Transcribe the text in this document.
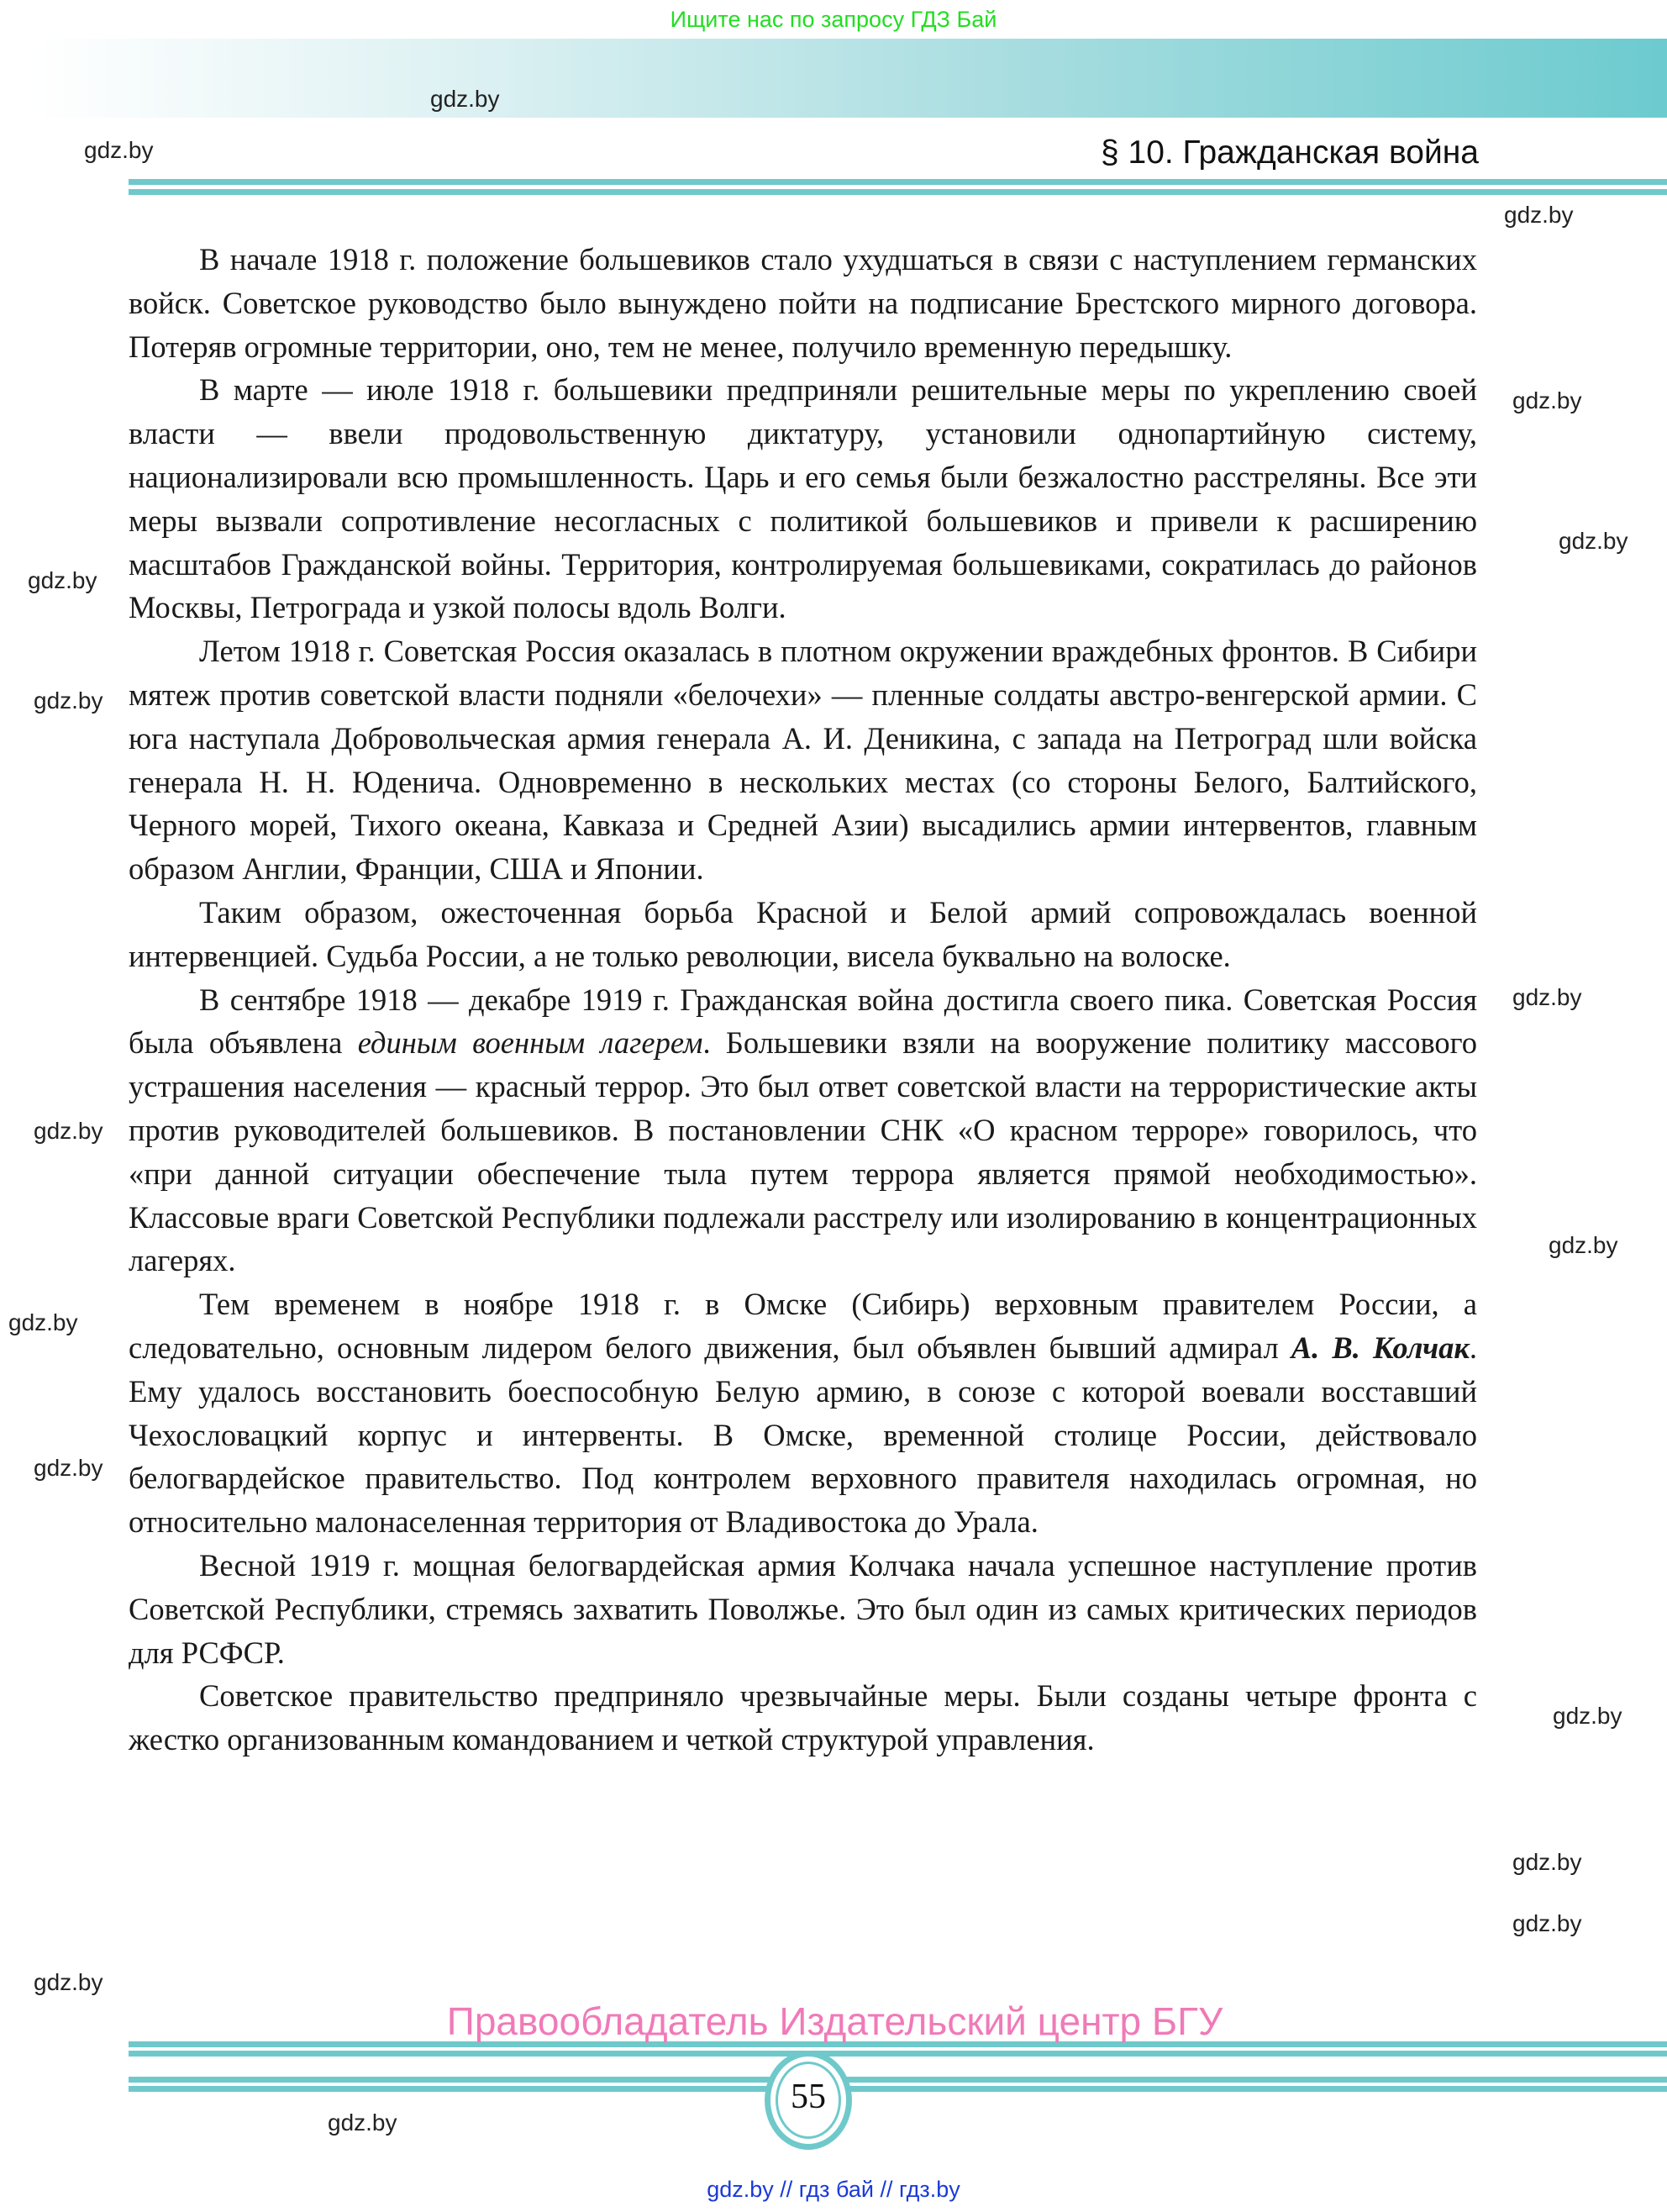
Ищите нас по запросу ГДЗ Бай
§ 10. Гражданская война

В начале 1918 г. положение большевиков стало ухудшаться в связи с наступлением германских войск. Советское руководство было вынуждено пойти на подписание Брестского мирного договора. Потеряв огромные территории, оно, тем не менее, получило временную передышку.

В марте — июле 1918 г. большевики предприняли решительные меры по укреплению своей власти — ввели продовольственную диктатуру, установили однопартийную систему, национализировали всю промышленность. Царь и его семья были безжалостно расстреляны. Все эти меры вызвали сопротивление несогласных с политикой большевиков и привели к расширению масштабов Гражданской войны. Территория, контролируемая большевиками, сократилась до районов Москвы, Петрограда и узкой полосы вдоль Волги.

Летом 1918 г. Советская Россия оказалась в плотном окружении враждебных фронтов. В Сибири мятеж против советской власти подняли «белочехи» — пленные солдаты австро-венгерской армии. С юга наступала Добровольческая армия генерала А. И. Деникина, с запада на Петроград шли войска генерала Н. Н. Юденича. Одновременно в нескольких местах (со стороны Белого, Балтийского, Черного морей, Тихого океана, Кавказа и Средней Азии) высадились армии интервентов, главным образом Англии, Франции, США и Японии.

Таким образом, ожесточенная борьба Красной и Белой армий сопровождалась военной интервенцией. Судьба России, а не только революции, висела буквально на волоске.

В сентябре 1918 — декабре 1919 г. Гражданская война достигла своего пика. Советская Россия была объявлена единым военным лагерем. Большевики взяли на вооружение политику массового устрашения населения — красный террор. Это был ответ советской власти на террористические акты против руководителей большевиков. В постановлении СНК «О красном терроре» говорилось, что «при данной ситуации обеспечение тыла путем террора является прямой необходимостью». Классовые враги Советской Республики подлежали расстрелу или изолированию в концентрационных лагерях.

Тем временем в ноябре 1918 г. в Омске (Сибирь) верховным правителем России, а следовательно, основным лидером белого движения, был объявлен бывший адмирал А. В. Колчак. Ему удалось восстановить боеспособную Белую армию, в союзе с которой воевали восставший Чехословацкий корпус и интервенты. В Омске, временной столице России, действовало белогвардейское правительство. Под контролем верховного правителя находилась огромная, но относительно малонаселенная территория от Владивостока до Урала.

Весной 1919 г. мощная белогвардейская армия Колчака начала успешное наступление против Советской Республики, стремясь захватить Поволжье. Это был один из самых критических периодов для РСФСР.

Советское правительство предприняло чрезвычайные меры. Были созданы четыре фронта с жестко организованным командованием и четкой структурой управления.

gdz.by
gdz.by
gdz.by
gdz.by
gdz.by
gdz.by
gdz.by
gdz.by
gdz.by
gdz.by
gdz.by
gdz.by
gdz.by
gdz.by
gdz.by
gdz.by
gdz.by
55
Правообладатель Издательский центр БГУ
gdz.by // гдз бай // гдз.by
